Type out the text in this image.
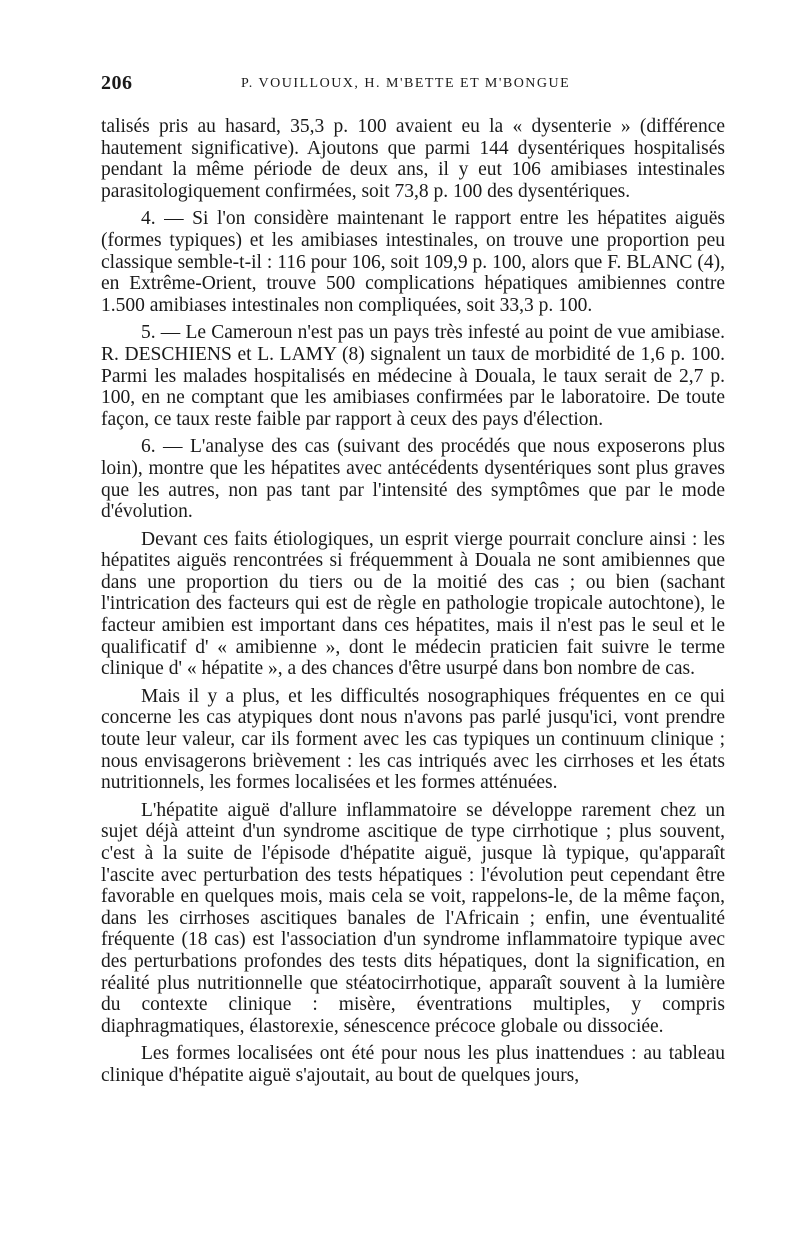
206	P. VOUILLOUX, H. M'BETTE ET M'BONGUE

talisés pris au hasard, 35,3 p. 100 avaient eu la « dysenterie » (différence hautement significative). Ajoutons que parmi 144 dysentériques hospitalisés pendant la même période de deux ans, il y eut 106 amibiases intestinales parasitologiquement confirmées, soit 73,8 p. 100 des dysentériques.

4. — Si l'on considère maintenant le rapport entre les hépatites aiguës (formes typiques) et les amibiases intestinales, on trouve une proportion peu classique semble-t-il : 116 pour 106, soit 109,9 p. 100, alors que F. BLANC (4), en Extrême-Orient, trouve 500 complications hépatiques amibiennes contre 1.500 amibiases intestinales non compliquées, soit 33,3 p. 100.

5. — Le Cameroun n'est pas un pays très infesté au point de vue amibiase. R. DESCHIENS et L. LAMY (8) signalent un taux de morbidité de 1,6 p. 100. Parmi les malades hospitalisés en médecine à Douala, le taux serait de 2,7 p. 100, en ne comptant que les amibiases confirmées par le laboratoire. De toute façon, ce taux reste faible par rapport à ceux des pays d'élection.

6. — L'analyse des cas (suivant des procédés que nous exposerons plus loin), montre que les hépatites avec antécédents dysentériques sont plus graves que les autres, non pas tant par l'intensité des symptômes que par le mode d'évolution.

Devant ces faits étiologiques, un esprit vierge pourrait conclure ainsi : les hépatites aiguës rencontrées si fréquemment à Douala ne sont amibiennes que dans une proportion du tiers ou de la moitié des cas ; ou bien (sachant l'intrication des facteurs qui est de règle en pathologie tropicale autochtone), le facteur amibien est important dans ces hépatites, mais il n'est pas le seul et le qualificatif d' « amibienne », dont le médecin praticien fait suivre le terme clinique d' « hépatite », a des chances d'être usurpé dans bon nombre de cas.

Mais il y a plus, et les difficultés nosographiques fréquentes en ce qui concerne les cas atypiques dont nous n'avons pas parlé jusqu'ici, vont prendre toute leur valeur, car ils forment avec les cas typiques un continuum clinique ; nous envisagerons brièvement : les cas intriqués avec les cirrhoses et les états nutritionnels, les formes localisées et les formes atténuées.

L'hépatite aiguë d'allure inflammatoire se développe rarement chez un sujet déjà atteint d'un syndrome ascitique de type cirrhotique ; plus souvent, c'est à la suite de l'épisode d'hépatite aiguë, jusque là typique, qu'apparaît l'ascite avec perturbation des tests hépatiques : l'évolution peut cependant être favorable en quelques mois, mais cela se voit, rappelons-le, de la même façon, dans les cirrhoses ascitiques banales de l'Africain ; enfin, une éventualité fréquente (18 cas) est l'association d'un syndrome inflammatoire typique avec des perturbations profondes des tests dits hépatiques, dont la signification, en réalité plus nutritionnelle que stéatocirrhotique, apparaît souvent à la lumière du contexte clinique : misère, éventrations multiples, y compris diaphragmatiques, élastorexie, sénescence précoce globale ou dissociée.

Les formes localisées ont été pour nous les plus inattendues : au tableau clinique d'hépatite aiguë s'ajoutait, au bout de quelques jours,
